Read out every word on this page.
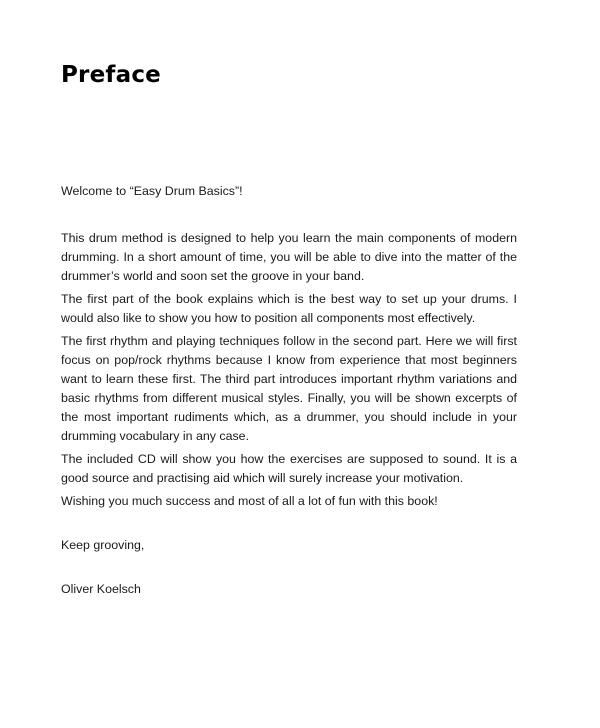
Preface

Welcome to “Easy Drum Basics”!

This drum method is designed to help you learn the main components of modern drumming. In a short amount of time, you will be able to dive into the matter of the drummer’s world and soon set the groove in your band.

The first part of the book explains which is the best way to set up your drums. I would also like to show you how to position all components most effectively.

The first rhythm and playing techniques follow in the second part. Here we will first focus on pop/rock rhythms because I know from experience that most beginners want to learn these first. The third part introduces important rhythm variations and basic rhythms from different musical styles. Finally, you will be shown excerpts of the most important rudiments which, as a drummer, you should include in your drumming vocabulary in any case.

The included CD will show you how the exercises are supposed to sound. It is a good source and practising aid which will surely increase your motivation.

Wishing you much success and most of all a lot of fun with this book!

Keep grooving,

Oliver Koelsch
